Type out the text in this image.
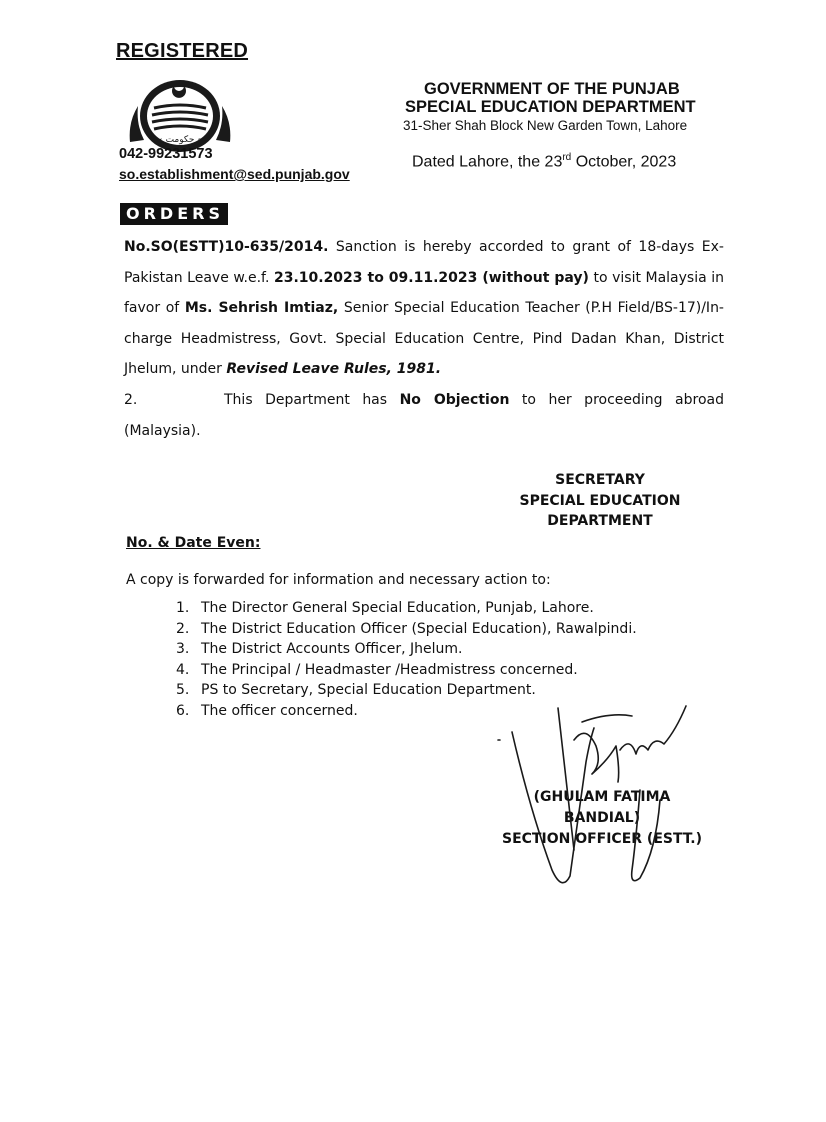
REGISTERED
~ حکومت ~
042-99231573
so.establishment@sed.punjab.gov
GOVERNMENT OF THE PUNJAB
SPECIAL EDUCATION DEPARTMENT
31-Sher Shah Block New Garden Town, Lahore
Dated Lahore, the 23rd October, 2023
ORDERS
No.SO(ESTT)10-635/2014. Sanction is hereby accorded to grant of 18-days Ex-Pakistan Leave w.e.f. 23.10.2023 to 09.11.2023 (without pay) to visit Malaysia in favor of Ms. Sehrish Imtiaz, Senior Special Education Teacher (P.H Field/BS-17)/In-charge Headmistress, Govt. Special Education Centre, Pind Dadan Khan, District Jhelum, under Revised Leave Rules, 1981.
2.	This Department has No Objection to her proceeding abroad (Malaysia).
SECRETARY
SPECIAL EDUCATION
DEPARTMENT
No. & Date Even:
A copy is forwarded for information and necessary action to:
1. The Director General Special Education, Punjab, Lahore.
2. The District Education Officer (Special Education), Rawalpindi.
3. The District Accounts Officer, Jhelum.
4. The Principal / Headmaster /Headmistress concerned.
5. PS to Secretary, Special Education Department.
6. The officer concerned.
(GHULAM FATIMA BANDIAL)
SECTION OFFICER (ESTT.)
